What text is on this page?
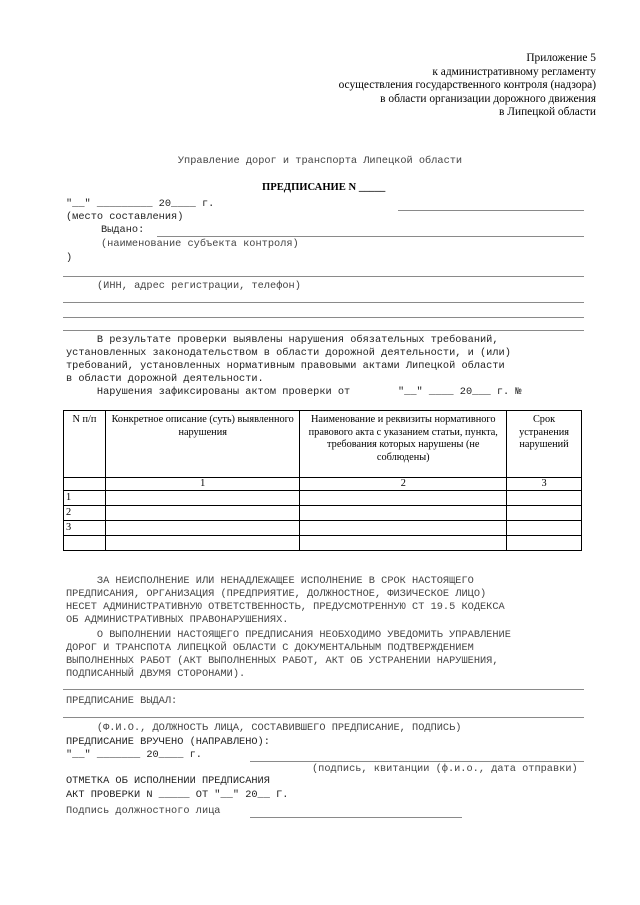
Приложение 5
к административному регламенту
осуществления государственного контроля (надзора)
в области организации дорожного движения
в Липецкой области
Управление дорог и транспорта Липецкой области
ПРЕДПИСАНИЕ N _____
"__" _________ 20____ г.
(место составления)
Выдано:
(наименование субъекта контроля)
)
(ИНН, адрес регистрации, телефон)
В результате проверки выявлены нарушения обязательных требований,
установленных законодательством в области дорожной деятельности, и (или)
требований, установленных нормативным правовыми актами Липецкой области
в области дорожной деятельности.
Нарушения зафиксированы актом проверки от	"__" ____ 20___ г. №
N п/п	Конкретное описание (суть) выявленного нарушения	Наименование и реквизиты нормативного правового акта с указанием статьи, пункта, требования которых нарушены (не соблюдены)	Срок устранения нарушений
	1	2	3
1			
2			
3			

ЗА НЕИСПОЛНЕНИЕ ИЛИ НЕНАДЛЕЖАЩЕЕ ИСПОЛНЕНИЕ В СРОК НАСТОЯЩЕГО
ПРЕДПИСАНИЯ, ОРГАНИЗАЦИЯ (ПРЕДПРИЯТИЕ, ДОЛЖНОСТНОЕ, ФИЗИЧЕСКОЕ ЛИЦО)
НЕСЕТ АДМИНИСТРАТИВНУЮ ОТВЕТСТВЕННОСТЬ, ПРЕДУСМОТРЕННУЮ СТ 19.5 КОДЕКСА
ОБ АДМИНИСТРАТИВНЫХ ПРАВОНАРУШЕНИЯХ.
О ВЫПОЛНЕНИИ НАСТОЯЩЕГО ПРЕДПИСАНИЯ НЕОБХОДИМО УВЕДОМИТЬ УПРАВЛЕНИЕ
ДОРОГ И ТРАНСПОТА ЛИПЕЦКОЙ ОБЛАСТИ С ДОКУМЕНТАЛЬНЫМ ПОДТВЕРЖДЕНИЕМ
ВЫПОЛНЕННЫХ РАБОТ (АКТ ВЫПОЛНЕННЫХ РАБОТ, АКТ ОБ УСТРАНЕНИИ НАРУШЕНИЯ,
ПОДПИСАННЫЙ ДВУМЯ СТОРОНАМИ).
ПРЕДПИСАНИЕ ВЫДАЛ:
(Ф.И.О., ДОЛЖНОСТЬ ЛИЦА, СОСТАВИВШЕГО ПРЕДПИСАНИЕ, ПОДПИСЬ)
ПРЕДПИСАНИЕ ВРУЧЕНО (НАПРАВЛЕНО):
"__" _______ 20____ г.
(подпись, квитанции (ф.и.о., дата отправки)
ОТМЕТКА ОБ ИСПОЛНЕНИИ ПРЕДПИСАНИЯ
АКТ ПРОВЕРКИ N _____ ОТ "__" 20__ Г.
Подпись должностного лица
